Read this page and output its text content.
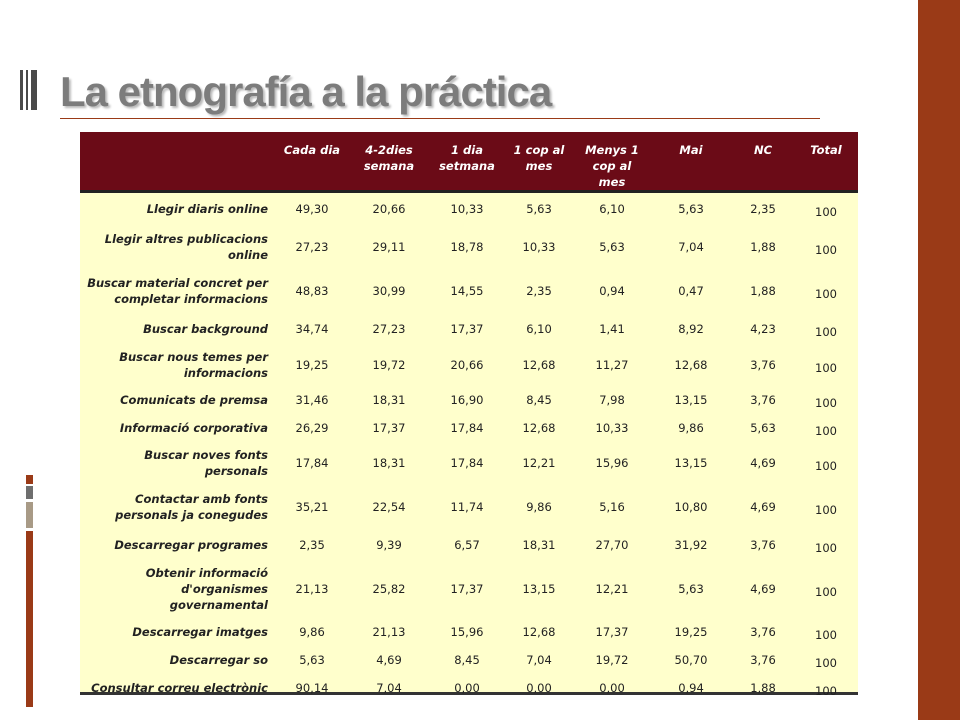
La etnografía a la práctica
	Cada dia	4-2dies semana	1 dia setmana	1 cop al mes	Menys 1 cop al mes	Mai	NC	Total
Llegir diaris online	49,30	20,66	10,33	5,63	6,10	5,63	2,35	100
Llegir altres publicacions online	27,23	29,11	18,78	10,33	5,63	7,04	1,88	100
Buscar material concret per completar informacions	48,83	30,99	14,55	2,35	0,94	0,47	1,88	100
Buscar background	34,74	27,23	17,37	6,10	1,41	8,92	4,23	100
Buscar nous temes per informacions	19,25	19,72	20,66	12,68	11,27	12,68	3,76	100
Comunicats de premsa	31,46	18,31	16,90	8,45	7,98	13,15	3,76	100
Informació corporativa	26,29	17,37	17,84	12,68	10,33	9,86	5,63	100
Buscar noves fonts personals	17,84	18,31	17,84	12,21	15,96	13,15	4,69	100
Contactar amb fonts personals ja conegudes	35,21	22,54	11,74	9,86	5,16	10,80	4,69	100
Descarregar programes	2,35	9,39	6,57	18,31	27,70	31,92	3,76	100
Obtenir informació d'organismes governamental	21,13	25,82	17,37	13,15	12,21	5,63	4,69	100
Descarregar imatges	9,86	21,13	15,96	12,68	17,37	19,25	3,76	100
Descarregar so	5,63	4,69	8,45	7,04	19,72	50,70	3,76	100
Consultar correu electrònic	90,14	7,04	0,00	0,00	0,00	0,94	1,88	100
